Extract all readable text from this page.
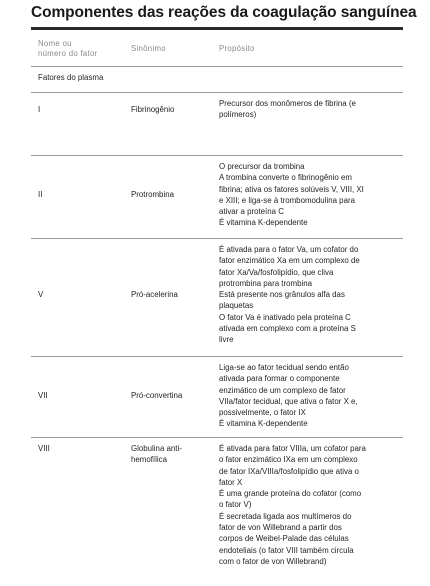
Componentes das reações da coagulação sanguínea
Nome ou
número do fator
Sinônimo	Propósito
Fatores do plasma
I	Fibrinogênio
Precursor dos monômeros de fibrina (e
polímeros)
II	Protrombina
O precursor da trombina
A trombina converte o fibrinogênio em
fibrina; ativa os fatores solúveis V, VIII, XI
e XIII; e liga-se à trombomodulina para
ativar a proteína C
É vitamina K-dependente
V	Pró-acelerina
É ativada para o fator Va, um cofator do
fator enzimático Xa em um complexo de
fator Xa/Va/fosfolipídio, que cliva
protrombina para trombina
Está presente nos grânulos alfa das
plaquetas
O fator Va é inativado pela proteína C
ativada em complexo com a proteína S
livre
VII	Pró-convertina
Liga-se ao fator tecidual sendo então
ativada para formar o componente
enzimático de um complexo de fator
VIIa/fator tecidual, que ativa o fator X e,
possivelmente, o fator IX
É vitamina K-dependente
VIII	Globulina anti-
hemofílica
É ativada para fator VIIIa, um cofator para
o fator enzimático IXa em um complexo
de fator IXa/VIIIa/fosfolipídio que ativa o
fator X
É uma grande proteína do cofator (como
o fator V)
É secretada ligada aos multímeros do
fator de von Willebrand a partir dos
corpos de Weibel-Palade das células
endoteliais (o fator VIII também circula
com o fator de von Willebrand)
